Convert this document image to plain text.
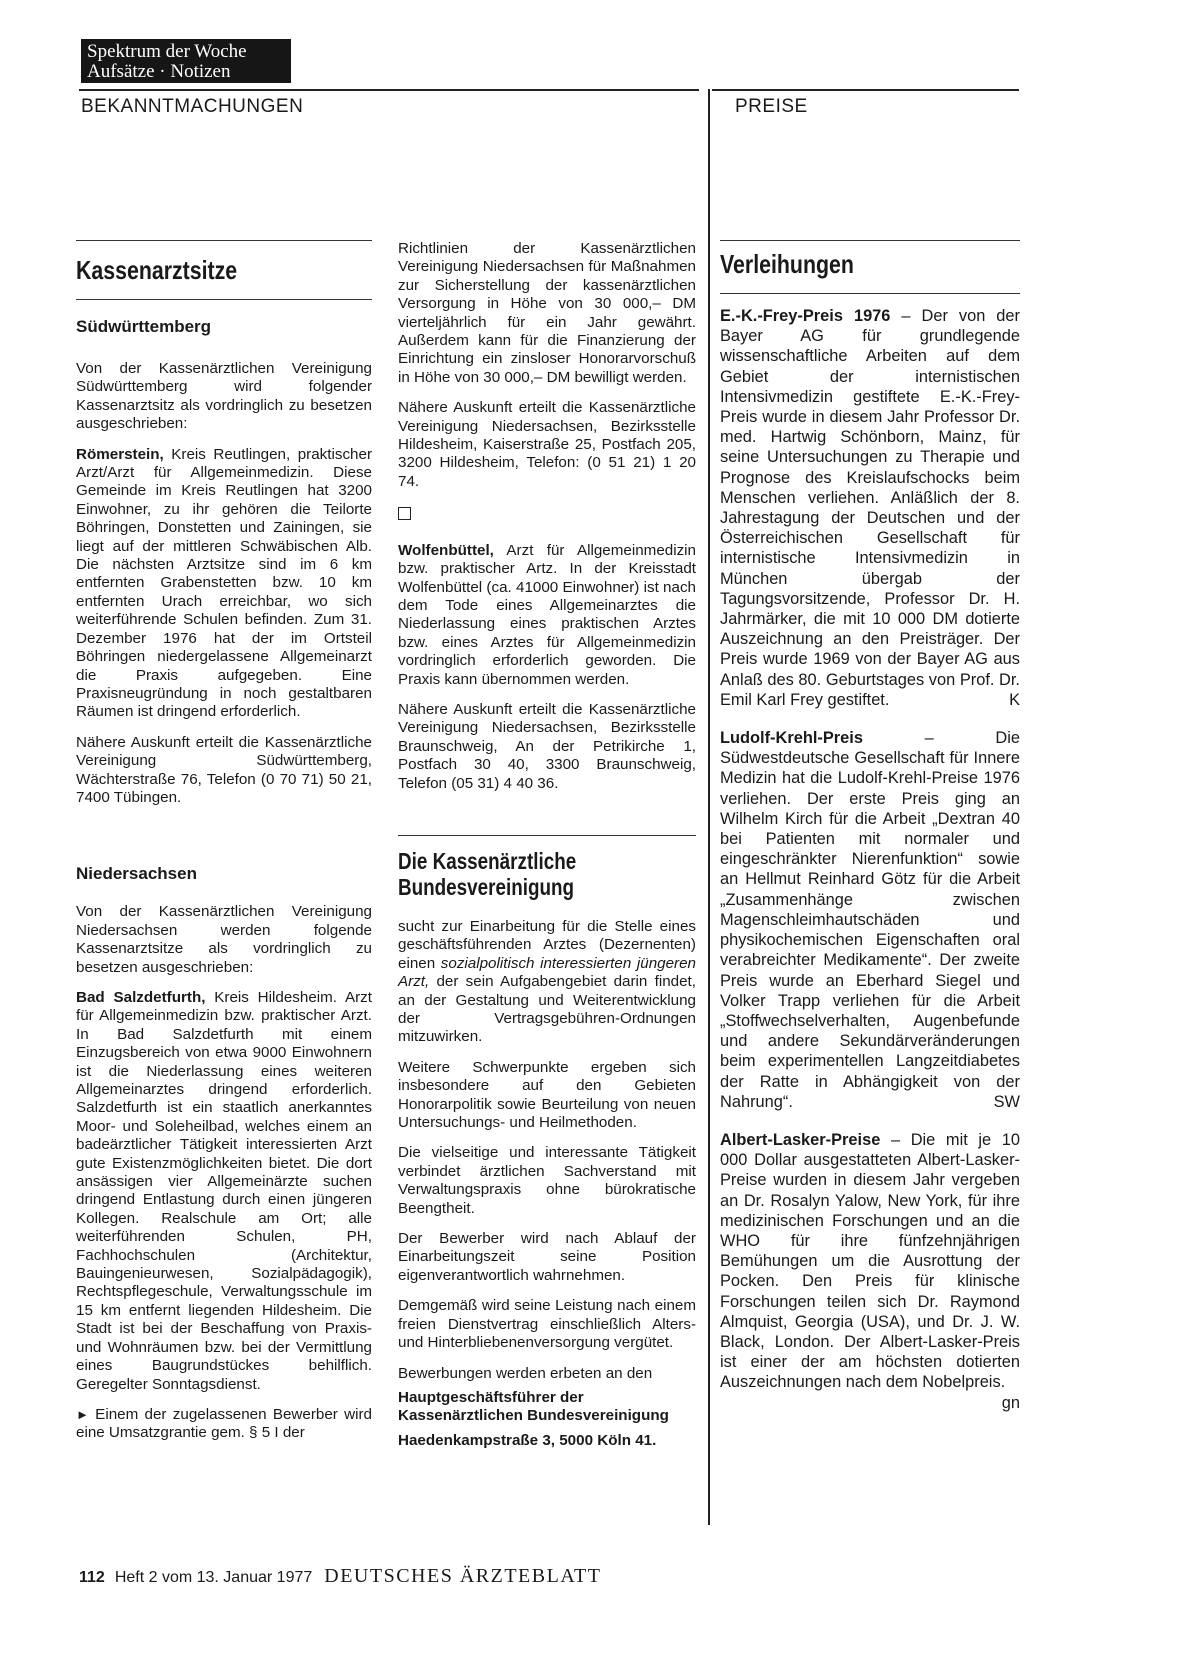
Spektrum der Woche
Aufsätze · Notizen
BEKANNTMACHUNGEN	PREISE
Kassenarztsitze
Südwürttemberg

Von der Kassenärztlichen Vereinigung Südwürttemberg wird folgender Kassenarztsitz als vordringlich zu besetzen ausgeschrieben:

Römerstein, Kreis Reutlingen, praktischer Arzt/Arzt für Allgemeinmedizin. Diese Gemeinde im Kreis Reutlingen hat 3200 Einwohner, zu ihr gehören die Teilorte Böhringen, Donstetten und Zainingen, sie liegt auf der mittleren Schwäbischen Alb. Die nächsten Arztsitze sind im 6 km entfernten Grabenstetten bzw. 10 km entfernten Urach erreichbar, wo sich weiterführende Schulen befinden. Zum 31. Dezember 1976 hat der im Ortsteil Böhringen niedergelassene Allgemeinarzt die Praxis aufgegeben. Eine Praxisneugründung in noch gestaltbaren Räumen ist dringend erforderlich.

Nähere Auskunft erteilt die Kassenärztliche Vereinigung Südwürttemberg, Wächterstraße 76, Telefon (0 70 71) 50 21, 7400 Tübingen.

Niedersachsen

Von der Kassenärztlichen Vereinigung Niedersachsen werden folgende Kassenarztsitze als vordringlich zu besetzen ausgeschrieben:

Bad Salzdetfurth, Kreis Hildesheim. Arzt für Allgemeinmedizin bzw. praktischer Arzt. In Bad Salzdetfurth mit einem Einzugsbereich von etwa 9000 Einwohnern ist die Niederlassung eines weiteren Allgemeinarztes dringend erforderlich. Salzdetfurth ist ein staatlich anerkanntes Moor- und Soleheilbad, welches einem an badeärztlicher Tätigkeit interessierten Arzt gute Existenzmöglichkeiten bietet. Die dort ansässigen vier Allgemeinärzte suchen dringend Entlastung durch einen jüngeren Kollegen. Realschule am Ort; alle weiterführenden Schulen, PH, Fachhochschulen (Architektur, Bauingenieurwesen, Sozialpädagogik), Rechtspflegeschule, Verwaltungsschule im 15 km entfernt liegenden Hildesheim. Die Stadt ist bei der Beschaffung von Praxis- und Wohnräumen bzw. bei der Vermittlung eines Baugrundstückes behilflich. Geregelter Sonntagsdienst.

► Einem der zugelassenen Bewerber wird eine Umsatzgrantie gem. § 5 I der

Richtlinien der Kassenärztlichen Vereinigung Niedersachsen für Maßnahmen zur Sicherstellung der kassenärztlichen Versorgung in Höhe von 30 000,– DM vierteljährlich für ein Jahr gewährt. Außerdem kann für die Finanzierung der Einrichtung ein zinsloser Honorarvorschuß in Höhe von 30 000,– DM bewilligt werden.

Nähere Auskunft erteilt die Kassenärztliche Vereinigung Niedersachsen, Bezirksstelle Hildesheim, Kaiserstraße 25, Postfach 205, 3200 Hildesheim, Telefon: (0 51 21) 1 20 74.

Wolfenbüttel, Arzt für Allgemeinmedizin bzw. praktischer Artz. In der Kreisstadt Wolfenbüttel (ca. 41000 Einwohner) ist nach dem Tode eines Allgemeinarztes die Niederlassung eines praktischen Arztes bzw. eines Arztes für Allgemeinmedizin vordringlich erforderlich geworden. Die Praxis kann übernommen werden.

Nähere Auskunft erteilt die Kassenärztliche Vereinigung Niedersachsen, Bezirksstelle Braunschweig, An der Petrikirche 1, Postfach 30 40, 3300 Braunschweig, Telefon (05 31) 4 40 36.

Die Kassenärztliche
Bundesvereinigung

sucht zur Einarbeitung für die Stelle eines geschäftsführenden Arztes (Dezernenten) einen sozialpolitisch interessierten jüngeren Arzt, der sein Aufgabengebiet darin findet, an der Gestaltung und Weiterentwicklung der Vertragsgebühren-Ordnungen mitzuwirken.

Weitere Schwerpunkte ergeben sich insbesondere auf den Gebieten Honorarpolitik sowie Beurteilung von neuen Untersuchungs- und Heilmethoden.

Die vielseitige und interessante Tätigkeit verbindet ärztlichen Sachverstand mit Verwaltungspraxis ohne bürokratische Beengtheit.

Der Bewerber wird nach Ablauf der Einarbeitungszeit seine Position eigenverantwortlich wahrnehmen.

Demgemäß wird seine Leistung nach einem freien Dienstvertrag einschließlich Alters- und Hinterbliebenenversorgung vergütet.

Bewerbungen werden erbeten an den

Hauptgeschäftsführer der
Kassenärztlichen Bundesvereinigung
Haedenkampstraße 3, 5000 Köln 41.
Verleihungen

E.-K.-Frey-Preis 1976 – Der von der Bayer AG für grundlegende wissenschaftliche Arbeiten auf dem Gebiet der internistischen Intensivmedizin gestiftete E.-K.-Frey-Preis wurde in diesem Jahr Professor Dr. med. Hartwig Schönborn, Mainz, für seine Untersuchungen zu Therapie und Prognose des Kreislaufschocks beim Menschen verliehen. Anläßlich der 8. Jahrestagung der Deutschen und der Österreichischen Gesellschaft für internistische Intensivmedizin in München übergab der Tagungsvorsitzende, Professor Dr. H. Jahrmärker, die mit 10 000 DM dotierte Auszeichnung an den Preisträger. Der Preis wurde 1969 von der Bayer AG aus Anlaß des 80. Geburtstages von Prof. Dr. Emil Karl Frey gestiftet.	K

Ludolf-Krehl-Preis – Die Südwestdeutsche Gesellschaft für Innere Medizin hat die Ludolf-Krehl-Preise 1976 verliehen. Der erste Preis ging an Wilhelm Kirch für die Arbeit „Dextran 40 bei Patienten mit normaler und eingeschränkter Nierenfunktion“ sowie an Hellmut Reinhard Götz für die Arbeit „Zusammenhänge zwischen Magenschleimhautschäden und physikochemischen Eigenschaften oral verabreichter Medikamente“. Der zweite Preis wurde an Eberhard Siegel und Volker Trapp verliehen für die Arbeit „Stoffwechselverhalten, Augenbefunde und andere Sekundärveränderungen beim experimentellen Langzeitdiabetes der Ratte in Abhängigkeit von der Nahrung“.	SW

Albert-Lasker-Preise – Die mit je 10 000 Dollar ausgestatteten Albert-Lasker-Preise wurden in diesem Jahr vergeben an Dr. Rosalyn Yalow, New York, für ihre medizinischen Forschungen und an die WHO für ihre fünfzehnjährigen Bemühungen um die Ausrottung der Pocken. Den Preis für klinische Forschungen teilen sich Dr. Raymond Almquist, Georgia (USA), und Dr. J. W. Black, London. Der Albert-Lasker-Preis ist einer der am höchsten dotierten Auszeichnungen nach dem Nobelpreis.
gn

112 Heft 2 vom 13. Januar 1977 DEUTSCHES ÄRZTEBLATT
